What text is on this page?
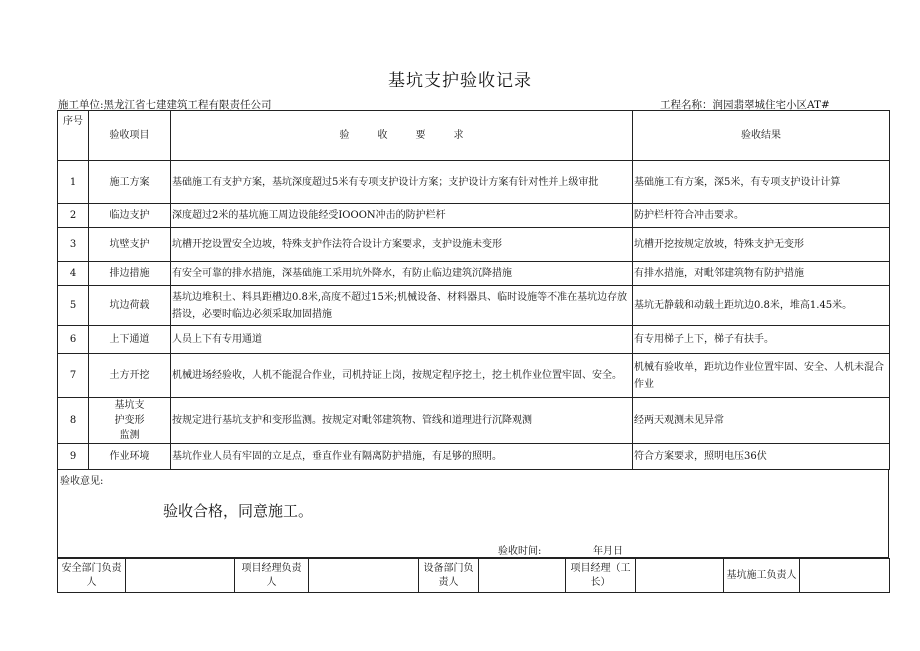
基坑支护验收记录
施工单位:黑龙江省七建建筑工程有限责任公司	工程名称：润园翡翠城住宅小区AT#
序号	验收项目	验收要求	验收结果
1	施工方案	基础施工有支护方案，基坑深度超过5米有专项支护设计方案；支护设计方案有针对性并上级审批	基础施工有方案，深5米，有专项支护设计计算
2	临边支护	深度超过2米的基坑施工周边设能经受IOOON冲击的防护栏杆	防护栏杆符合冲击要求。
3	坑壁支护	坑槽开挖设置安全边坡，特殊支护作法符合设计方案要求，支护设施未变形	坑槽开挖按规定放坡，特殊支护无变形
4	排边措施	有安全可靠的排水措施，深基础施工采用坑外降水，有防止临边建筑沉降措施	有排水措施，对毗邻建筑物有防护措施
5	坑边荷载	基坑边堆积土、料具距槽边0.8米,高度不超过15米;机械设备、材料器具、临时设施等不准在基坑边存放搭设，必要时临边必须采取加固措施	基坑无静载和动载土距坑边0.8米，堆高1.45米。
6	上下通道	人员上下有专用通道	有专用梯子上下，梯子有扶手。
7	土方开挖	机械进场经验收，人机不能混合作业，司机持证上岗，按规定程序挖土，挖土机作业位置牢固、安全。	机械有验收单，距坑边作业位置牢固、安全、人机未混合作业
8	基坑支护变形监测	按规定进行基坑支护和变形监测。按规定对毗邻建筑物、管线和道理进行沉降观测	经两天观测未见异常
9	作业环境	基坑作业人员有牢固的立足点，垂直作业有隔离防护措施，有足够的照明。	符合方案要求，照明电压36伏
验收意见:
验收合格，同意施工。
验收时间:	年月日
安全部门负责人		项目经理负责人		设备部门负责人		项目经理（工长）		基坑施工负责人	
